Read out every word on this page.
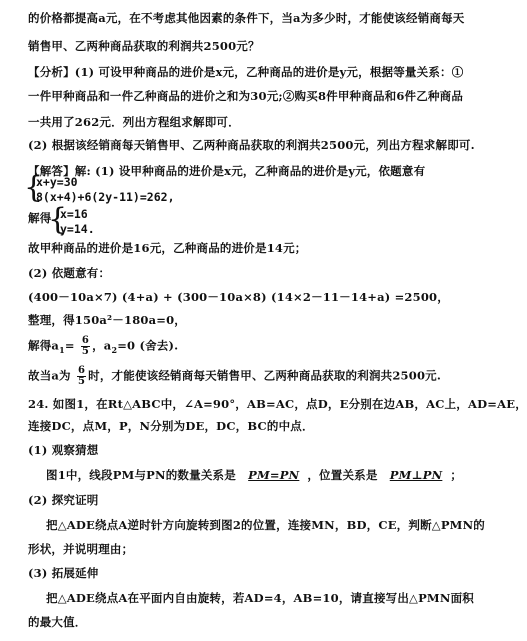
的价格都提高a元，在不考虑其他因素的条件下，当a为多少时，才能使该经销商每天
销售甲、乙两种商品获取的利润共2500元？
【分析】(1) 可设甲种商品的进价是x元，乙种商品的进价是y元，根据等量关系：①
一件甲种商品和一件乙种商品的进价之和为30元;②购买8件甲种商品和6件乙种商品
一共用了262元．列出方程组求解即可．
(2) 根据该经销商每天销售甲、乙两种商品获取的利润共2500元，列出方程求解即可.
【解答】解: (1) 设甲种商品的进价是x元，乙种商品的进价是y元，依题意有
{
x+y=30
8(x+4)+6(2y-11)=262,
解得
{
x=16
y=14.
故甲种商品的进价是16元，乙种商品的进价是14元；
(2) 依题意有：
(400－10a×7) (4+a) + (300－10a×8) (14×2－11－14+a) =2500，
整理，得150a²－180a=0，
解得$a_1= \frac{6}{5}$ ，$a_2=0$ (舍去).
故当a为 $\frac{6}{5}$ 时，才能使该经销商每天销售甲、乙两种商品获取的利润共2500元.
24. 如图1，在Rt△ABC中，∠A=90°，AB=AC，点D，E分别在边AB，AC上，AD=AE，
连接DC，点M，P，N分别为DE，DC，BC的中点．
(1) 观察猜想
图1中，线段PM与PN的数量关系是 PM=PN ，位置关系是 PM⊥PN ；
(2) 探究证明
把△ADE绕点A逆时针方向旋转到图2的位置，连接MN，BD，CE，判断△PMN的
形状，并说明理由；
(3) 拓展延伸
把△ADE绕点A在平面内自由旋转，若AD=4，AB=10，请直接写出△PMN面积
的最大值．
